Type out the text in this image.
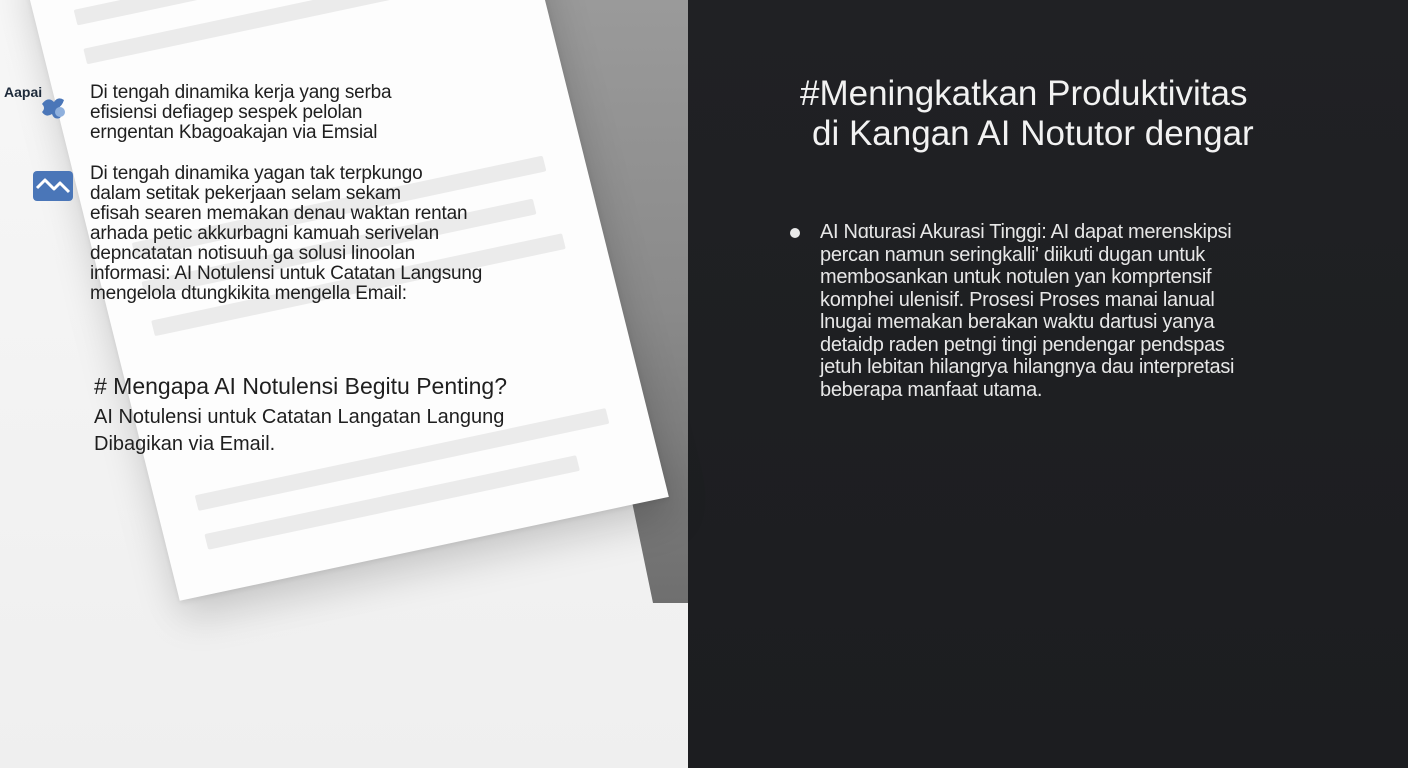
Aapai	Di tengah dinamika kerja yang serba
efisiensi defiagep sespek pelolan
erngentan Kbagoakajan via Emsial
Di tengah dinamika yagan tak terpkungo
dalam setitak pekerjaan selam sekam
efisah searen memakan denau waktan rentan
arhada petic akkurbagni kamuah serivelan
depncatatan notisuuh ga solusi linoolan
informasi: AI Notulensi untuk Catatan Langsung
mengelola dtungkikita mengella Email:
# Mengapa AI Notulensi Begitu Penting?
AI Notulensi untuk Catatan Langatan Langung
Dibagikan via Email.
#Meningkatkan Produktivitas
di Kangan AI Notutor dengar
AI Nɑturasi Akurasi Tinggi: AI dapat merenskipsi
percan namun seringkalli' diikuti dugan untuk
membosankan untuk notulen yan komprtensif
komphei ulenisif. Prosesi Proses manai lanual
lnugai memakan berakan waktu dartusi yanya
detaidp raden petngi tingi pendengar pendspas
jetuh lebitan hilangrya hilangnya dau interpretasi
beberapa manfaat utama.
